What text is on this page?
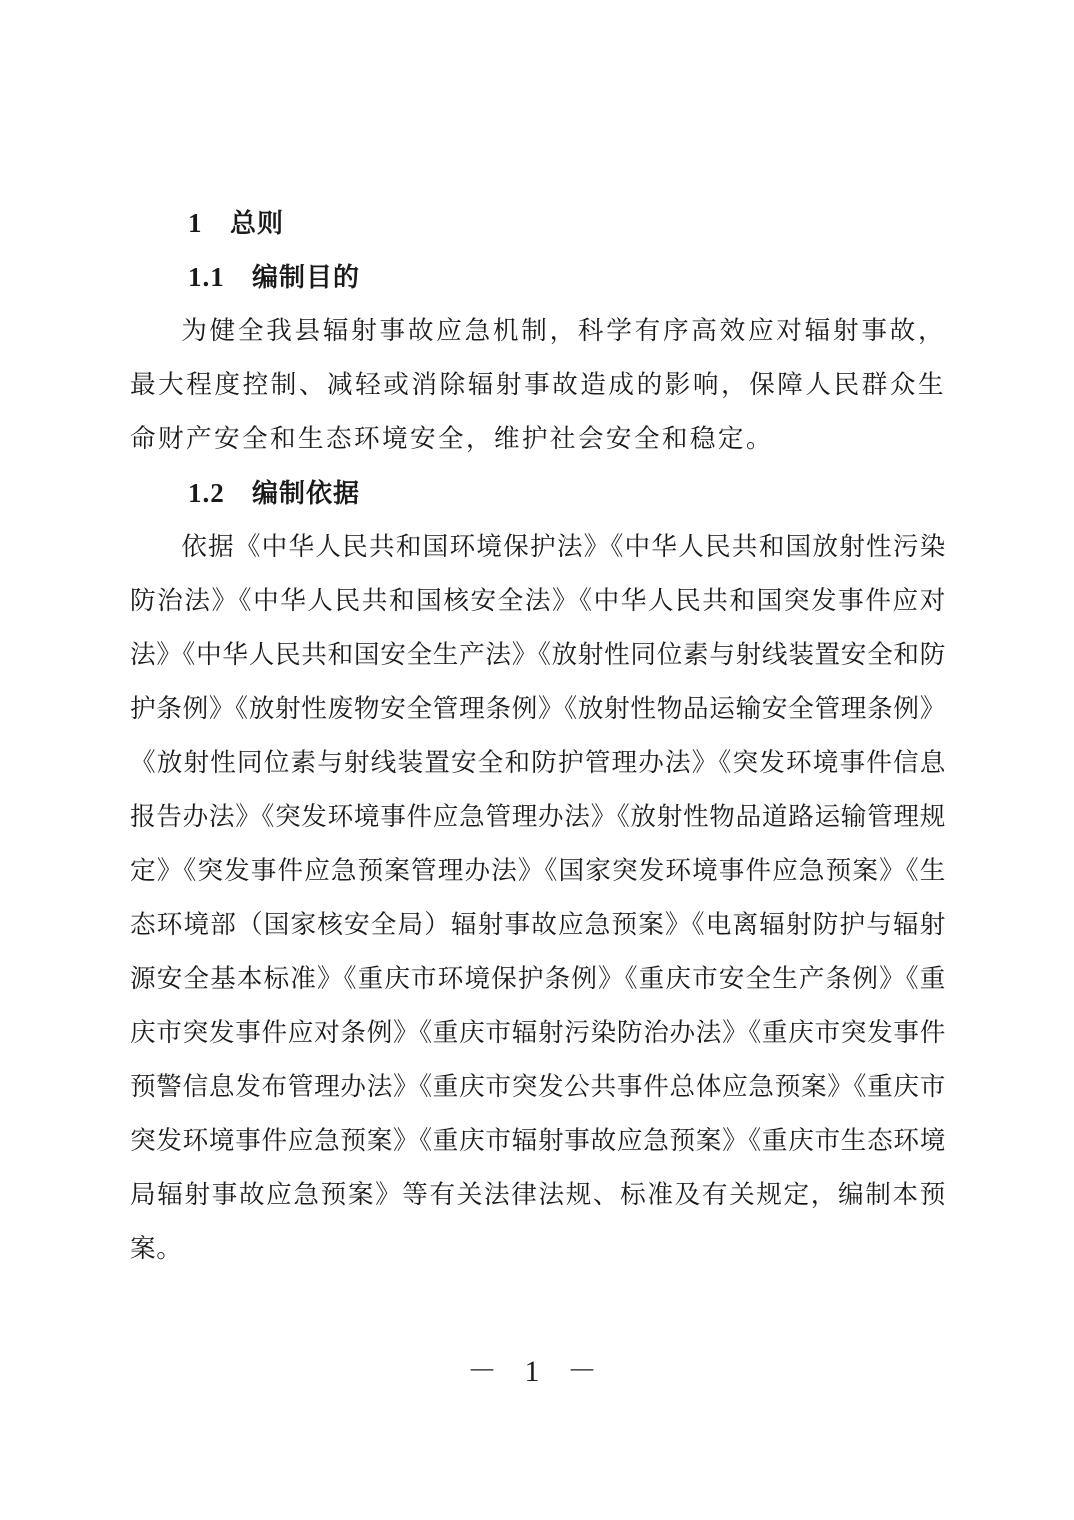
1 总则
1.1 编制目的

为健全我县辐射事故应急机制，科学有序高效应对辐射事故，最大程度控制、减轻或消除辐射事故造成的影响，保障人民群众生命财产安全和生态环境安全，维护社会安全和稳定。

1.2 编制依据

依据《中华人民共和国环境保护法》《中华人民共和国放射性污染防治法》《中华人民共和国核安全法》《中华人民共和国突发事件应对法》《中华人民共和国安全生产法》《放射性同位素与射线装置安全和防护条例》《放射性废物安全管理条例》《放射性物品运输安全管理条例》《放射性同位素与射线装置安全和防护管理办法》《突发环境事件信息报告办法》《突发环境事件应急管理办法》《放射性物品道路运输管理规定》《突发事件应急预案管理办法》《国家突发环境事件应急预案》《生态环境部（国家核安全局）辐射事故应急预案》《电离辐射防护与辐射源安全基本标准》《重庆市环境保护条例》《重庆市安全生产条例》《重庆市突发事件应对条例》《重庆市辐射污染防治办法》《重庆市突发事件预警信息发布管理办法》《重庆市突发公共事件总体应急预案》《重庆市突发环境事件应急预案》《重庆市辐射事故应急预案》《重庆市生态环境局辐射事故应急预案》等有关法律法规、标准及有关规定，编制本预案。

－ 1 －
